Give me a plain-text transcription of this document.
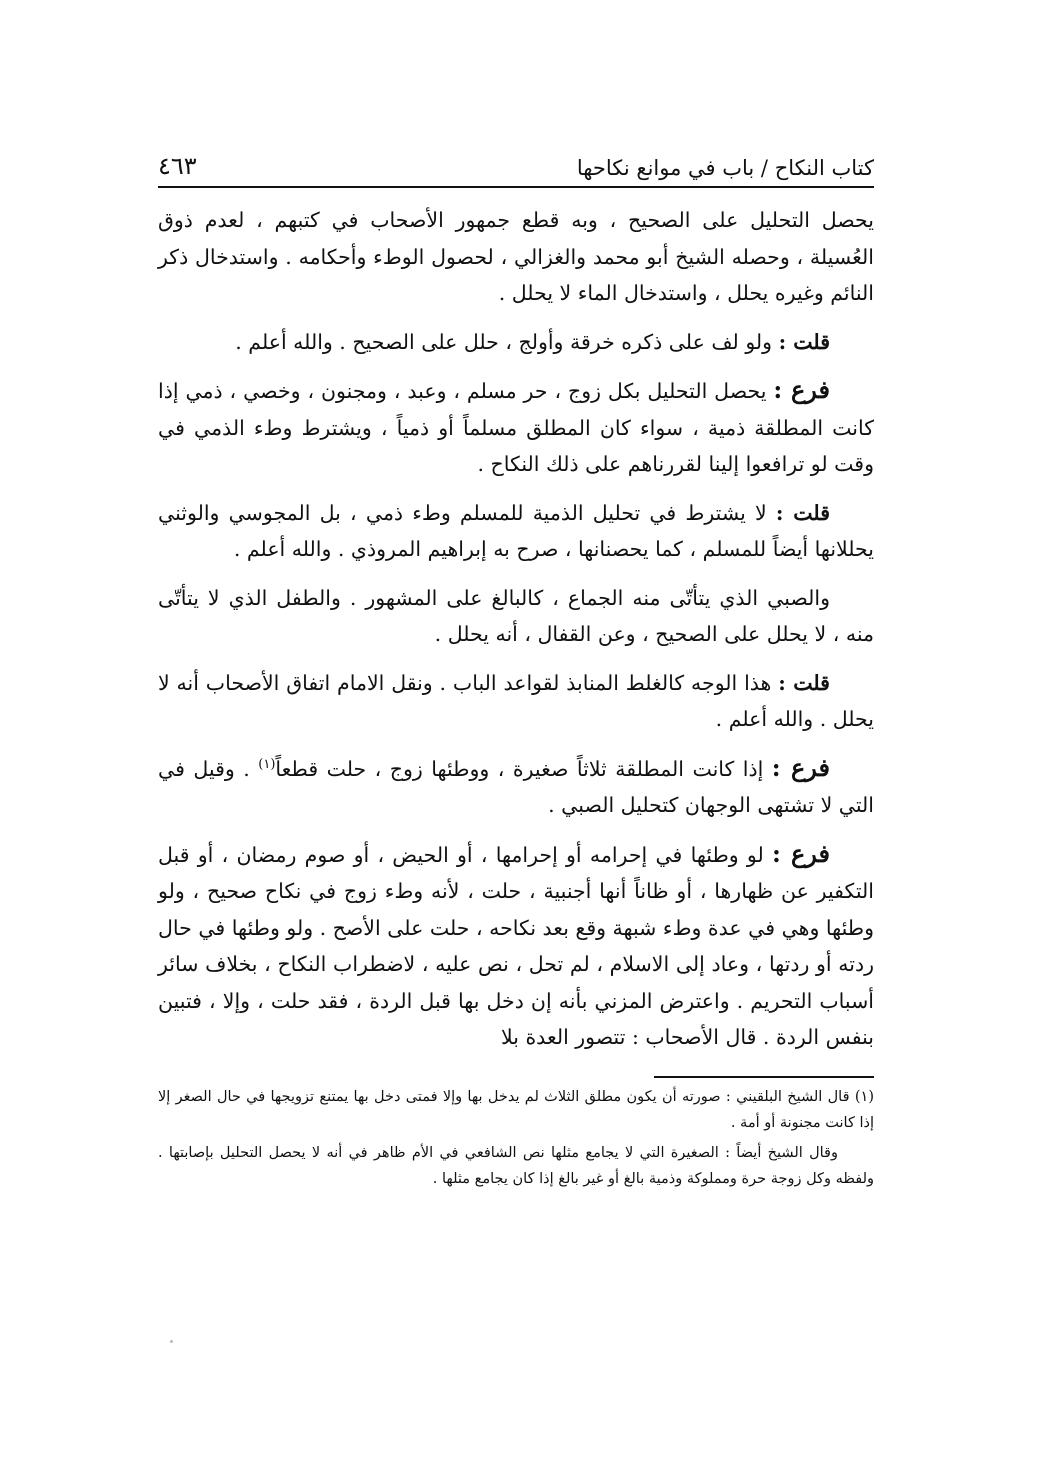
كتاب النكاح / باب في موانع نكاحها
٤٦٣

يحصل التحليل على الصحيح ، وبه قطع جمهور الأصحاب في كتبهم ، لعدم ذوق العُسيلة ، وحصله الشيخ أبو محمد والغزالي ، لحصول الوطء وأحكامه . واستدخال ذكر النائم وغيره يحلل ، واستدخال الماء لا يحلل .

قلت : ولو لف على ذكره خرقة وأولج ، حلل على الصحيح . والله أعلم .

فرع : يحصل التحليل بكل زوج ، حر مسلم ، وعبد ، ومجنون ، وخصي ، ذمي إذا كانت المطلقة ذمية ، سواء كان المطلق مسلماً أو ذمياً ، ويشترط وطء الذمي في وقت لو ترافعوا إلينا لقررناهم على ذلك النكاح .

قلت : لا يشترط في تحليل الذمية للمسلم وطء ذمي ، بل المجوسي والوثني يحللانها أيضاً للمسلم ، كما يحصنانها ، صرح به إبراهيم المروذي . والله أعلم .

والصبي الذي يتأتّى منه الجماع ، كالبالغ على المشهور . والطفل الذي لا يتأتّى منه ، لا يحلل على الصحيح ، وعن القفال ، أنه يحلل .

قلت : هذا الوجه كالغلط المنابذ لقواعد الباب . ونقل الامام اتفاق الأصحاب أنه لا يحلل . والله أعلم .

فرع : إذا كانت المطلقة ثلاثاً صغيرة ، ووطئها زوج ، حلت قطعاً$^{(١)}$ . وقيل في التي لا تشتهى الوجهان كتحليل الصبي .

فرع : لو وطئها في إحرامه أو إحرامها ، أو الحيض ، أو صوم رمضان ، أو قبل التكفير عن ظهارها ، أو ظاناً أنها أجنبية ، حلت ، لأنه وطء زوج في نكاح صحيح ، ولو وطئها وهي في عدة وطء شبهة وقع بعد نكاحه ، حلت على الأصح . ولو وطئها في حال ردته أو ردتها ، وعاد إلى الاسلام ، لم تحل ، نص عليه ، لاضطراب النكاح ، بخلاف سائر أسباب التحريم . واعترض المزني بأنه إن دخل بها قبل الردة ، فقد حلت ، وإلا ، فتبين بنفس الردة . قال الأصحاب : تتصور العدة بلا

(١) قال الشيخ البلقيني : صورته أن يكون مطلق الثلاث لم يدخل بها وإلا فمتى دخل بها يمتنع تزويجها في حال الصغر إلا إذا كانت مجنونة أو أمة .

وقال الشيخ أيضاً : الصغيرة التي لا يجامع مثلها نص الشافعي في الأم ظاهر في أنه لا يحصل التحليل بإصابتها . ولفظه وكل زوجة حرة ومملوكة وذمية بالغ أو غير بالغ إذا كان يجامع مثلها .
